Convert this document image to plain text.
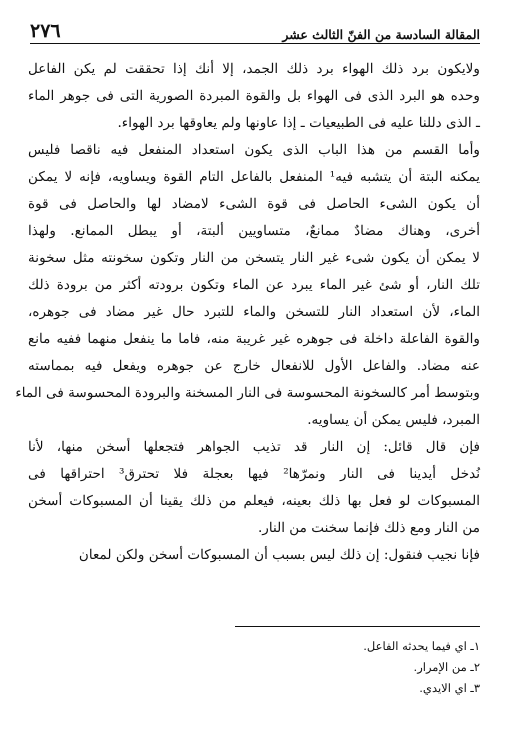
المقالة السادسة من الفنّ الثالث عشر
٢٧٦
ولايكون برد ذلك الهواء برد ذلك الجمد، إلا أنك إذا تحققت لم يكن الفاعل
وحده هو البرد الذى فى الهواء بل والقوة المبردة الصورية التى فى جوهر الماء
ـ الذى دللنا عليه فى الطبيعيات ـ إذا عاونها ولم يعاوقها برد الهواء.
وأما القسم من هذا الباب الذى يكون استعداد المنفعل فيه ناقصا فليس
يمكنه البتة أن يتشبه فيه¹ المنفعل بالفاعل التام القوة ويساويه، فإنه لا يمكن
أن يكون الشىء الحاصل فى قوة الشىء لامضاد لها والحاصل فى قوة
أخرى، وهناك مضادٌ ممانعٌ، متساويين ألبتة، أو يبطل الممانع. ولهذا
لا يمكن أن يكون شىء غير النار يتسخن من النار وتكون سخونته مثل سخونة
تلك النار، أو شئ غير الماء يبرد عن الماء وتكون برودته أكثر من برودة ذلك
الماء، لأن استعداد النار للتسخن والماء للتبرد حال غير مضاد فى جوهره،
والقوة الفاعلة داخلة فى جوهره غير غريبة منه، فاما ما ينفعل منهما ففيه مانع
عنه مضاد. والفاعل الأول للانفعال خارج عن جوهره ويفعل فيه بمماسته
وبتوسط أمر كالسخونة المحسوسة فى النار المسخنة والبرودة المحسوسة فى الماء
المبرد، فليس يمكن أن يساويه.
فإن قال قائل: إن النار قد تذيب الجواهر فتجعلها أسخن منها، لأنا
نُدخل أيدينا فى النار ونمرّها² فيها بعجلة فلا تحترق³ احتراقها فى
المسبوكات لو فعل بها ذلك بعينه، فيعلم من ذلك يقينا أن المسبوكات أسخن
من النار ومع ذلك فإنما سخنت من النار.
فإنا نجيب فنقول: إن ذلك ليس بسبب أن المسبوكات أسخن ولكن لمعان
١ـ اي فيما يحدثه الفاعل.
٢ـ من الإمرار.
٣ـ اي الايدي.
